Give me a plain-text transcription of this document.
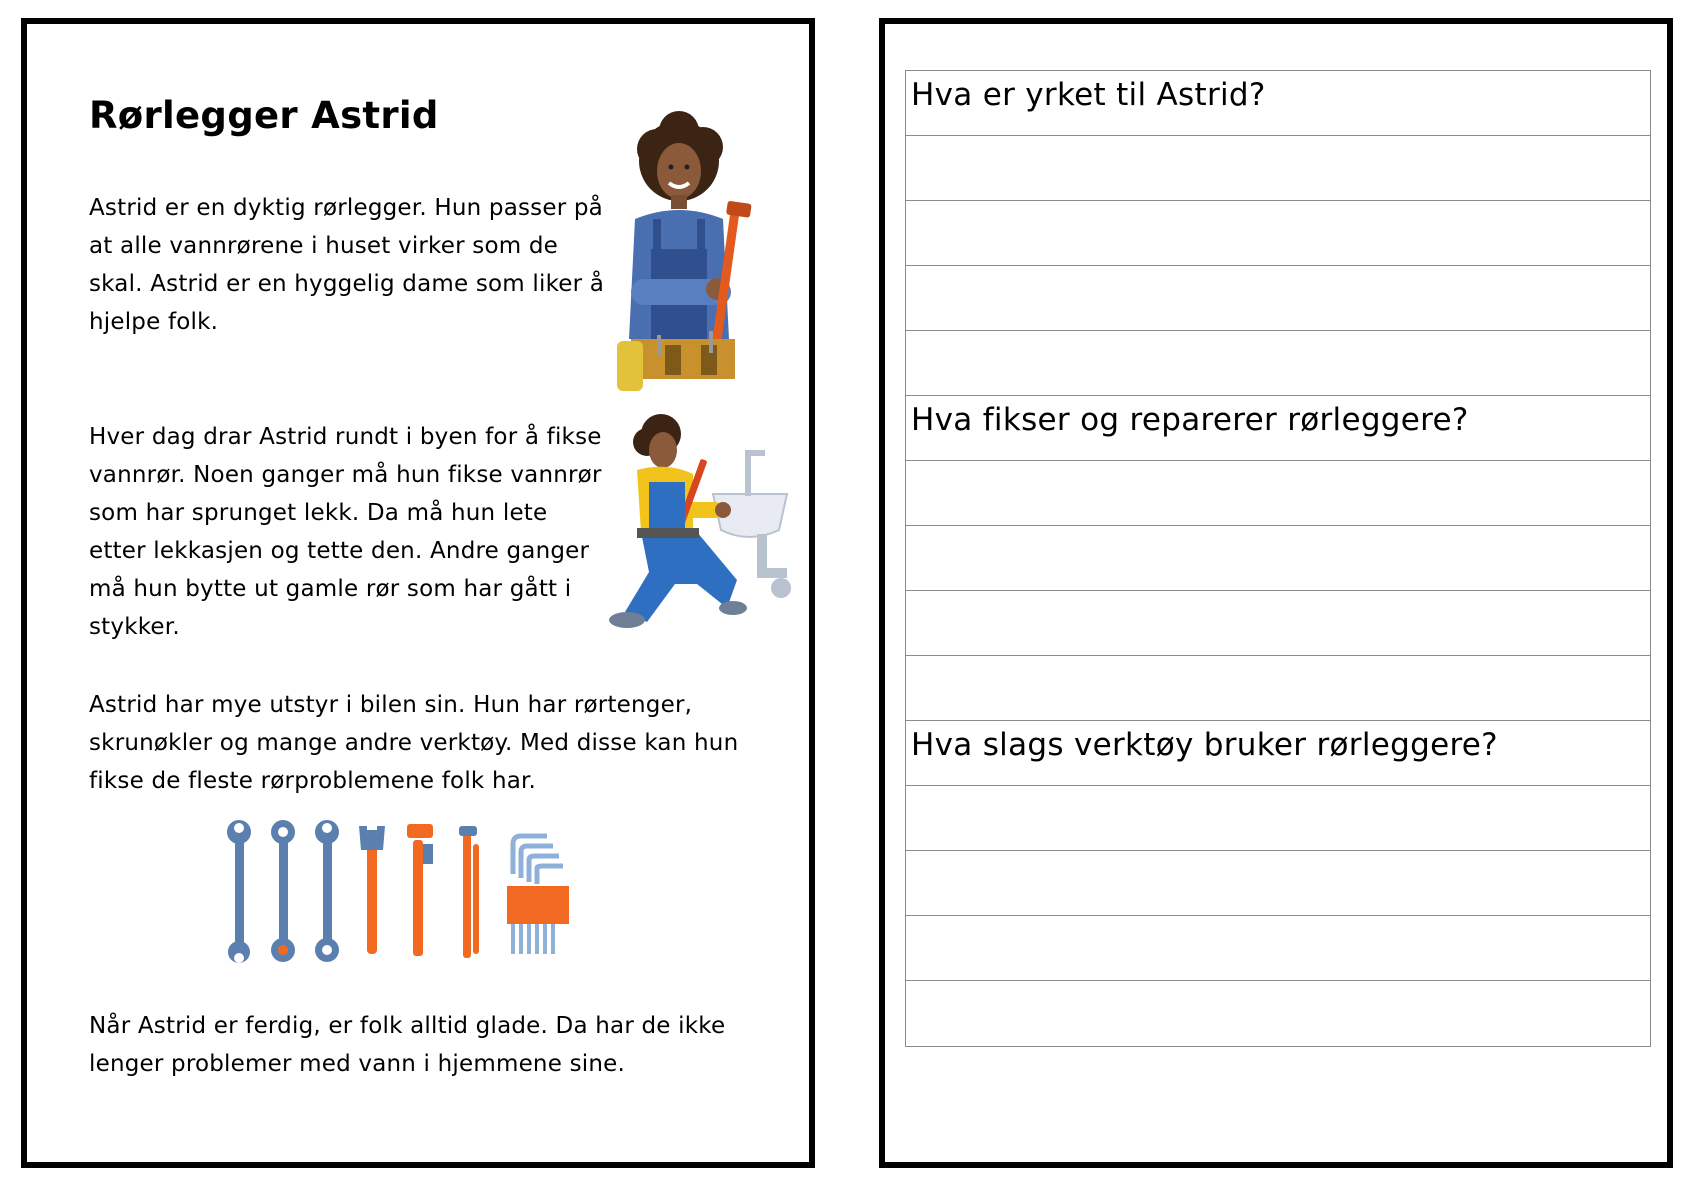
Rørlegger Astrid

Astrid er en dyktig rørlegger. Hun passer på at alle vannrørene i huset virker som de skal. Astrid er en hyggelig dame som liker å hjelpe folk.

Hver dag drar Astrid rundt i byen for å fikse vannrør. Noen ganger må hun fikse vannrør som har sprunget lekk. Da må hun lete etter lekkasjen og tette den. Andre ganger må hun bytte ut gamle rør som har gått i stykker.

Astrid har mye utstyr i bilen sin. Hun har rørtenger, skrunøkler og mange andre verktøy. Med disse kan hun fikse de fleste rørproblemene folk har.

Når Astrid er ferdig, er folk alltid glade. Da har de ikke lenger problemer med vann i hjemmene sine.

Hva er yrket til Astrid?
Hva fikser og reparerer rørleggere?
Hva slags verktøy bruker rørleggere?
